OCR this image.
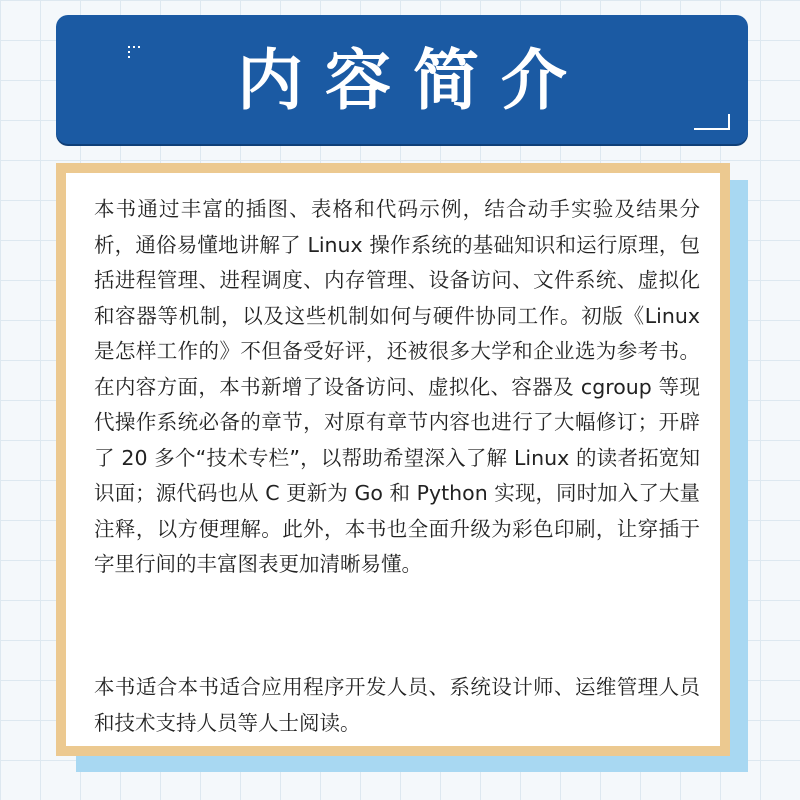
内容简介

本书通过丰富的插图、表格和代码示例，结合动手实验及结果分析，通俗易懂地讲解了 Linux 操作系统的基础知识和运行原理，包括进程管理、进程调度、内存管理、设备访问、文件系统、虚拟化和容器等机制，以及这些机制如何与硬件协同工作。初版《Linux 是怎样工作的》不但备受好评，还被很多大学和企业选为参考书。在内容方面，本书新增了设备访问、虚拟化、容器及 cgroup 等现代操作系统必备的章节，对原有章节内容也进行了大幅修订；开辟了 20 多个“技术专栏”，以帮助希望深入了解 Linux 的读者拓宽知识面；源代码也从 C 更新为 Go 和 Python 实现，同时加入了大量注释，以方便理解。此外，本书也全面升级为彩色印刷，让穿插于字里行间的丰富图表更加清晰易懂。

本书适合本书适合应用程序开发人员、系统设计师、运维管理人员和技术支持人员等人士阅读。
